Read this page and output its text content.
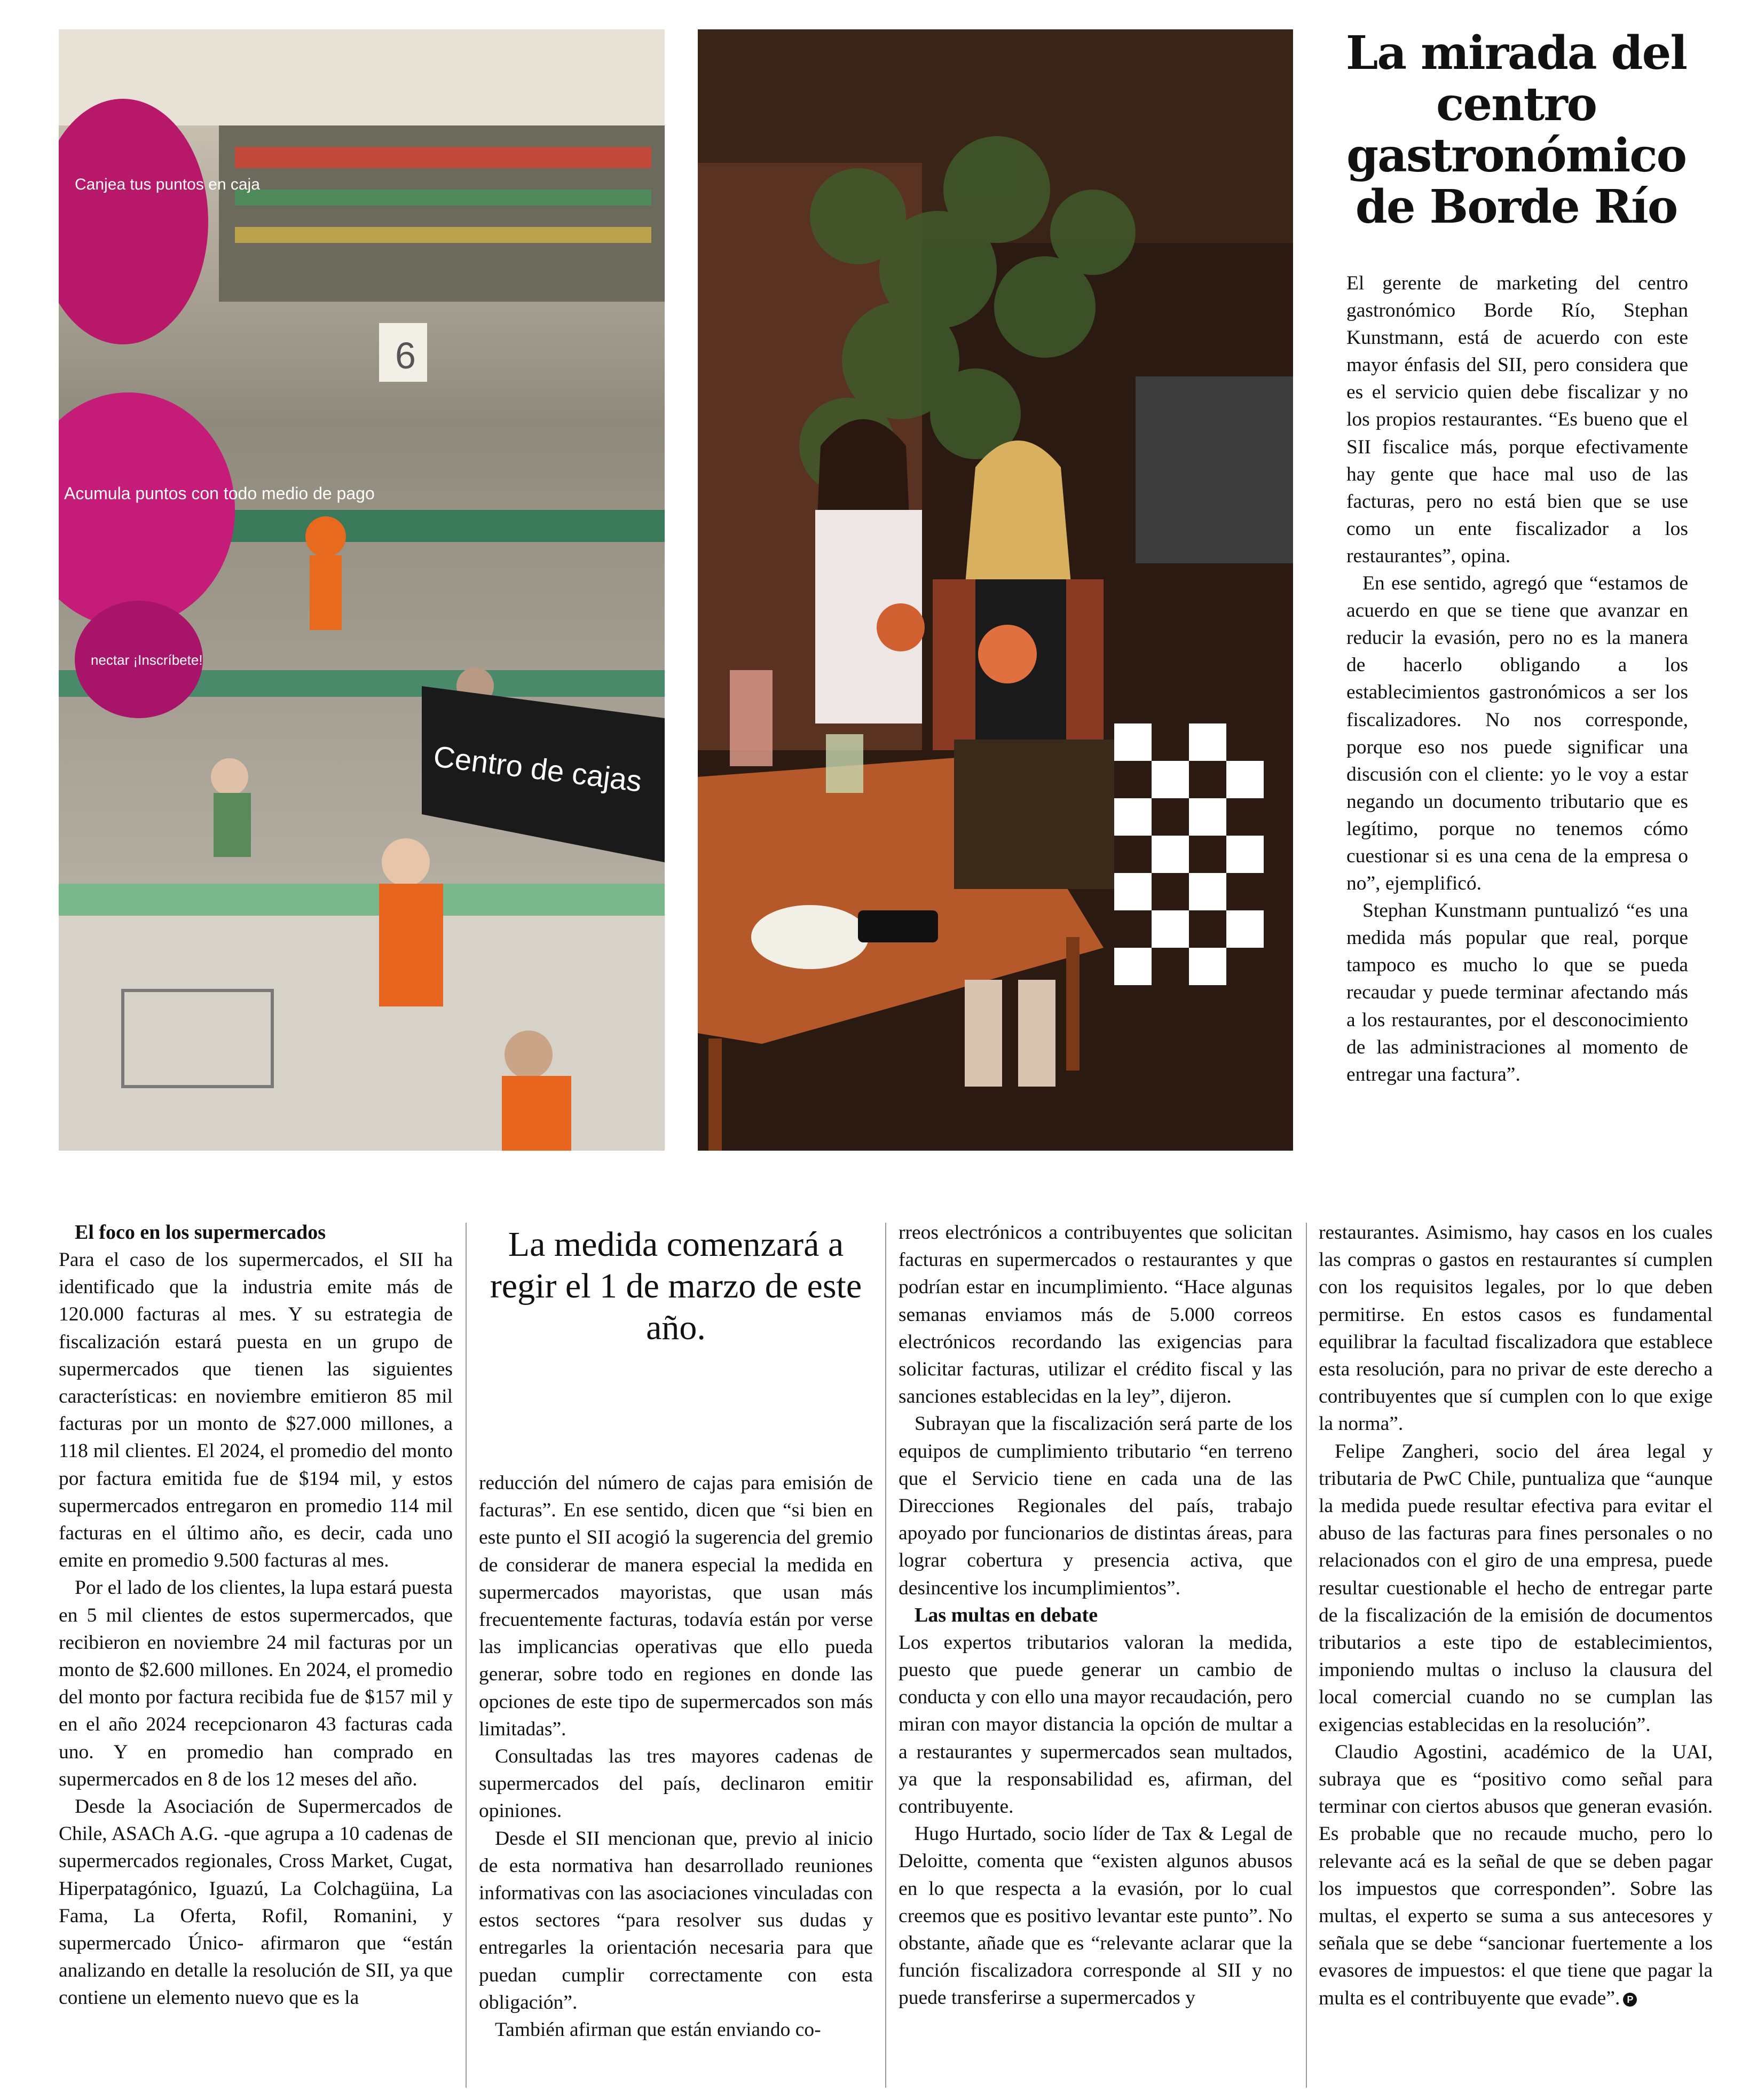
Centro de cajas
Canjea tus puntos en caja
Acumula puntos con todo medio de pago
nectar ¡Inscríbete!
6
La mirada del centro gastronómico de Borde Río

El gerente de marketing del centro gastronómico Borde Río, Stephan Kunstmann, está de acuerdo con este mayor énfasis del SII, pero considera que es el servicio quien debe fiscalizar y no los propios restaurantes. “Es bueno que el SII fiscalice más, porque efectivamente hay gente que hace mal uso de las facturas, pero no está bien que se use como un ente fiscalizador a los restaurantes”, opina.

En ese sentido, agregó que “estamos de acuerdo en que se tiene que avanzar en reducir la evasión, pero no es la manera de hacerlo obligando a los establecimientos gastronómicos a ser los fiscalizadores. No nos corresponde, porque eso nos puede significar una discusión con el cliente: yo le voy a estar negando un documento tributario que es legítimo, porque no tenemos cómo cuestionar si es una cena de la empresa o no”, ejemplificó.

Stephan Kunstmann puntualizó “es una medida más popular que real, porque tampoco es mucho lo que se pueda recaudar y puede terminar afectando más a los restaurantes, por el desconocimiento de las administraciones al momento de entregar una factura”.

El foco en los supermercados

Para el caso de los supermercados, el SII ha identificado que la industria emite más de 120.000 facturas al mes. Y su estrategia de fiscalización estará puesta en un grupo de supermercados que tienen las siguientes características: en noviembre emitieron 85 mil facturas por un monto de $27.000 millones, a 118 mil clientes. El 2024, el promedio del monto por factura emitida fue de $194 mil, y estos supermercados entregaron en promedio 114 mil facturas en el último año, es decir, cada uno emite en promedio 9.500 facturas al mes.

Por el lado de los clientes, la lupa estará puesta en 5 mil clientes de estos supermercados, que recibieron en noviembre 24 mil facturas por un monto de $2.600 millones. En 2024, el promedio del monto por factura recibida fue de $157 mil y en el año 2024 recepcionaron 43 facturas cada uno. Y en promedio han comprado en supermercados en 8 de los 12 meses del año.

Desde la Asociación de Supermercados de Chile, ASACh A.G. -que agrupa a 10 cadenas de supermercados regionales, Cross Market, Cugat, Hiperpatagónico, Iguazú, La Colchagüina, La Fama, La Oferta, Rofil, Romanini, y supermercado Único- afirmaron que “están analizando en detalle la resolución de SII, ya que contiene un elemento nuevo que es la

La medida comenzará a regir el 1 de marzo de este año.

reducción del número de cajas para emisión de facturas”. En ese sentido, dicen que “si bien en este punto el SII acogió la sugerencia del gremio de considerar de manera especial la medida en supermercados mayoristas, que usan más frecuentemente facturas, todavía están por verse las implicancias operativas que ello pueda generar, sobre todo en regiones en donde las opciones de este tipo de supermercados son más limitadas”.

Consultadas las tres mayores cadenas de supermercados del país, declinaron emitir opiniones.

Desde el SII mencionan que, previo al inicio de esta normativa han desarrollado reuniones informativas con las asociaciones vinculadas con estos sectores “para resolver sus dudas y entregarles la orientación necesaria para que puedan cumplir correctamente con esta obligación”.

También afirman que están enviando co-

rreos electrónicos a contribuyentes que solicitan facturas en supermercados o restaurantes y que podrían estar en incumplimiento. “Hace algunas semanas enviamos más de 5.000 correos electrónicos recordando las exigencias para solicitar facturas, utilizar el crédito fiscal y las sanciones establecidas en la ley”, dijeron.

Subrayan que la fiscalización será parte de los equipos de cumplimiento tributario “en terreno que el Servicio tiene en cada una de las Direcciones Regionales del país, trabajo apoyado por funcionarios de distintas áreas, para lograr cobertura y presencia activa, que desincentive los incumplimientos”.

Las multas en debate

Los expertos tributarios valoran la medida, puesto que puede generar un cambio de conducta y con ello una mayor recaudación, pero miran con mayor distancia la opción de multar a a restaurantes y supermercados sean multados, ya que la responsabilidad es, afirman, del contribuyente.

Hugo Hurtado, socio líder de Tax & Legal de Deloitte, comenta que “existen algunos abusos en lo que respecta a la evasión, por lo cual creemos que es positivo levantar este punto”. No obstante, añade que es “relevante aclarar que la función fiscalizadora corresponde al SII y no puede transferirse a supermercados y

restaurantes. Asimismo, hay casos en los cuales las compras o gastos en restaurantes sí cumplen con los requisitos legales, por lo que deben permitirse. En estos casos es fundamental equilibrar la facultad fiscalizadora que establece esta resolución, para no privar de este derecho a contribuyentes que sí cumplen con lo que exige la norma”.

Felipe Zangheri, socio del área legal y tributaria de PwC Chile, puntualiza que “aunque la medida puede resultar efectiva para evitar el abuso de las facturas para fines personales o no relacionados con el giro de una empresa, puede resultar cuestionable el hecho de entregar parte de la fiscalización de la emisión de documentos tributarios a este tipo de establecimientos, imponiendo multas o incluso la clausura del local comercial cuando no se cumplan las exigencias establecidas en la resolución”.

Claudio Agostini, académico de la UAI, subraya que es “positivo como señal para terminar con ciertos abusos que generan evasión. Es probable que no recaude mucho, pero lo relevante acá es la señal de que se deben pagar los impuestos que corresponden”. Sobre las multas, el experto se suma a sus antecesores y señala que se debe “sancionar fuertemente a los evasores de impuestos: el que tiene que pagar la multa es el contribuyente que evade”. P
